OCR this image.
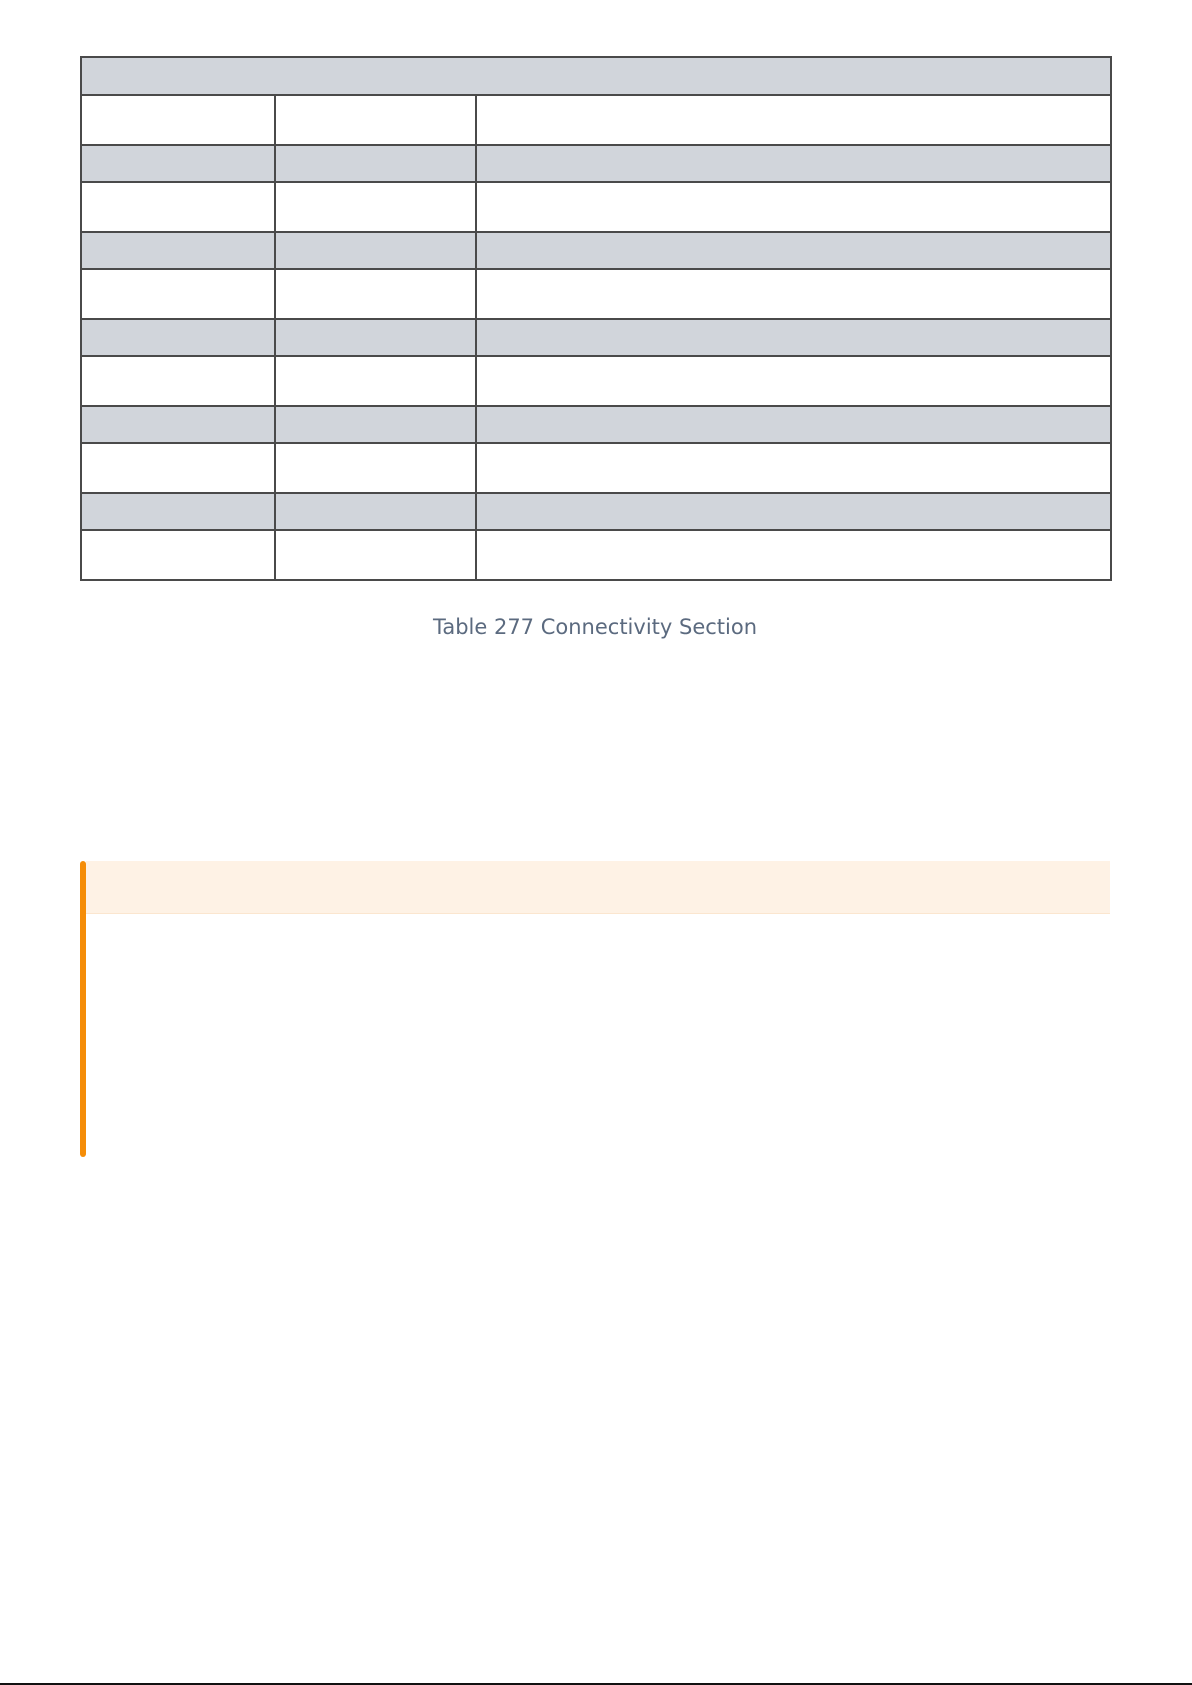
Table 277 Connectivity Section
